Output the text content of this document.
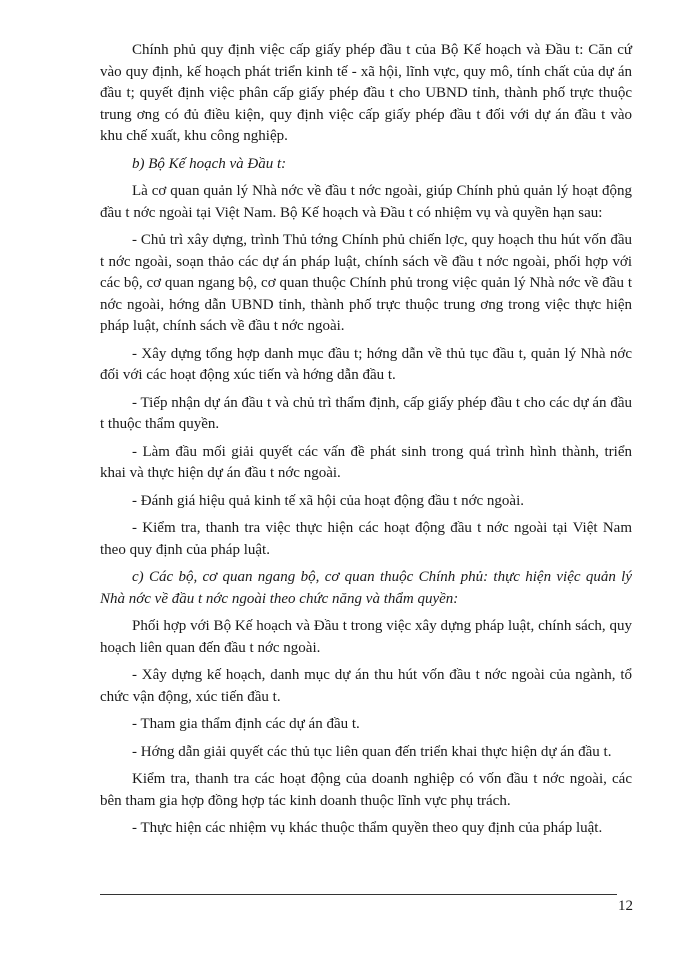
Chính phủ quy định việc cấp giấy phép đầu t của Bộ Kế hoạch và Đầu t: Căn cứ vào quy định, kế hoạch phát triển kinh tế - xã hội, lĩnh vực, quy mô, tính chất của dự án đầu t; quyết định việc phân cấp giấy phép đầu t cho UBND tỉnh, thành phố trực thuộc trung ơng có đủ điều kiện, quy định việc cấp giấy phép đầu t đối với dự án đầu t vào khu chế xuất, khu công nghiệp.

b) Bộ Kế hoạch và Đầu t:

Là cơ quan quản lý Nhà nớc về đầu t nớc ngoài, giúp Chính phủ quản lý hoạt động đầu t nớc ngoài tại Việt Nam. Bộ Kế hoạch và Đầu t có nhiệm vụ và quyền hạn sau:

- Chủ trì xây dựng, trình Thủ tớng Chính phủ chiến lợc, quy hoạch thu hút vốn đầu t nớc ngoài, soạn thảo các dự án pháp luật, chính sách về đầu t nớc ngoài, phối hợp với các bộ, cơ quan ngang bộ, cơ quan thuộc Chính phủ trong việc quản lý Nhà nớc về đầu t nớc ngoài, hớng dẫn UBND tỉnh, thành phố trực thuộc trung ơng trong việc thực hiện pháp luật, chính sách về đầu t nớc ngoài.

- Xây dựng tổng hợp danh mục đầu t; hớng dẫn về thủ tục đầu t, quản lý Nhà nớc đối với các hoạt động xúc tiến và hớng dẫn đầu t.

- Tiếp nhận dự án đầu t và chủ trì thẩm định, cấp giấy phép đầu t cho các dự án đầu t thuộc thẩm quyền.

- Làm đầu mối giải quyết các vấn đề phát sinh trong quá trình hình thành, triển khai và thực hiện dự án đầu t nớc ngoài.

- Đánh giá hiệu quả kinh tế xã hội của hoạt động đầu t nớc ngoài.

- Kiểm tra, thanh tra việc thực hiện các hoạt động đầu t nớc ngoài tại Việt Nam theo quy định của pháp luật.

c) Các bộ, cơ quan ngang bộ, cơ quan thuộc Chính phủ: thực hiện việc quản lý Nhà nớc về đầu t nớc ngoài theo chức năng và thẩm quyền:

Phối hợp với Bộ Kế hoạch và Đầu t trong việc xây dựng pháp luật, chính sách, quy hoạch liên quan đến đầu t nớc ngoài.

- Xây dựng kế hoạch, danh mục dự án thu hút vốn đầu t nớc ngoài của ngành, tổ chức vận động, xúc tiến đầu t.

- Tham gia thẩm định các dự án đầu t.

- Hớng dẫn giải quyết các thủ tục liên quan đến triển khai thực hiện dự án đầu t.

Kiểm tra, thanh tra các hoạt động của doanh nghiệp có vốn đầu t nớc ngoài, các bên tham gia hợp đồng hợp tác kinh doanh thuộc lĩnh vực phụ trách.

- Thực hiện các nhiệm vụ khác thuộc thẩm quyền theo quy định của pháp luật.

12
